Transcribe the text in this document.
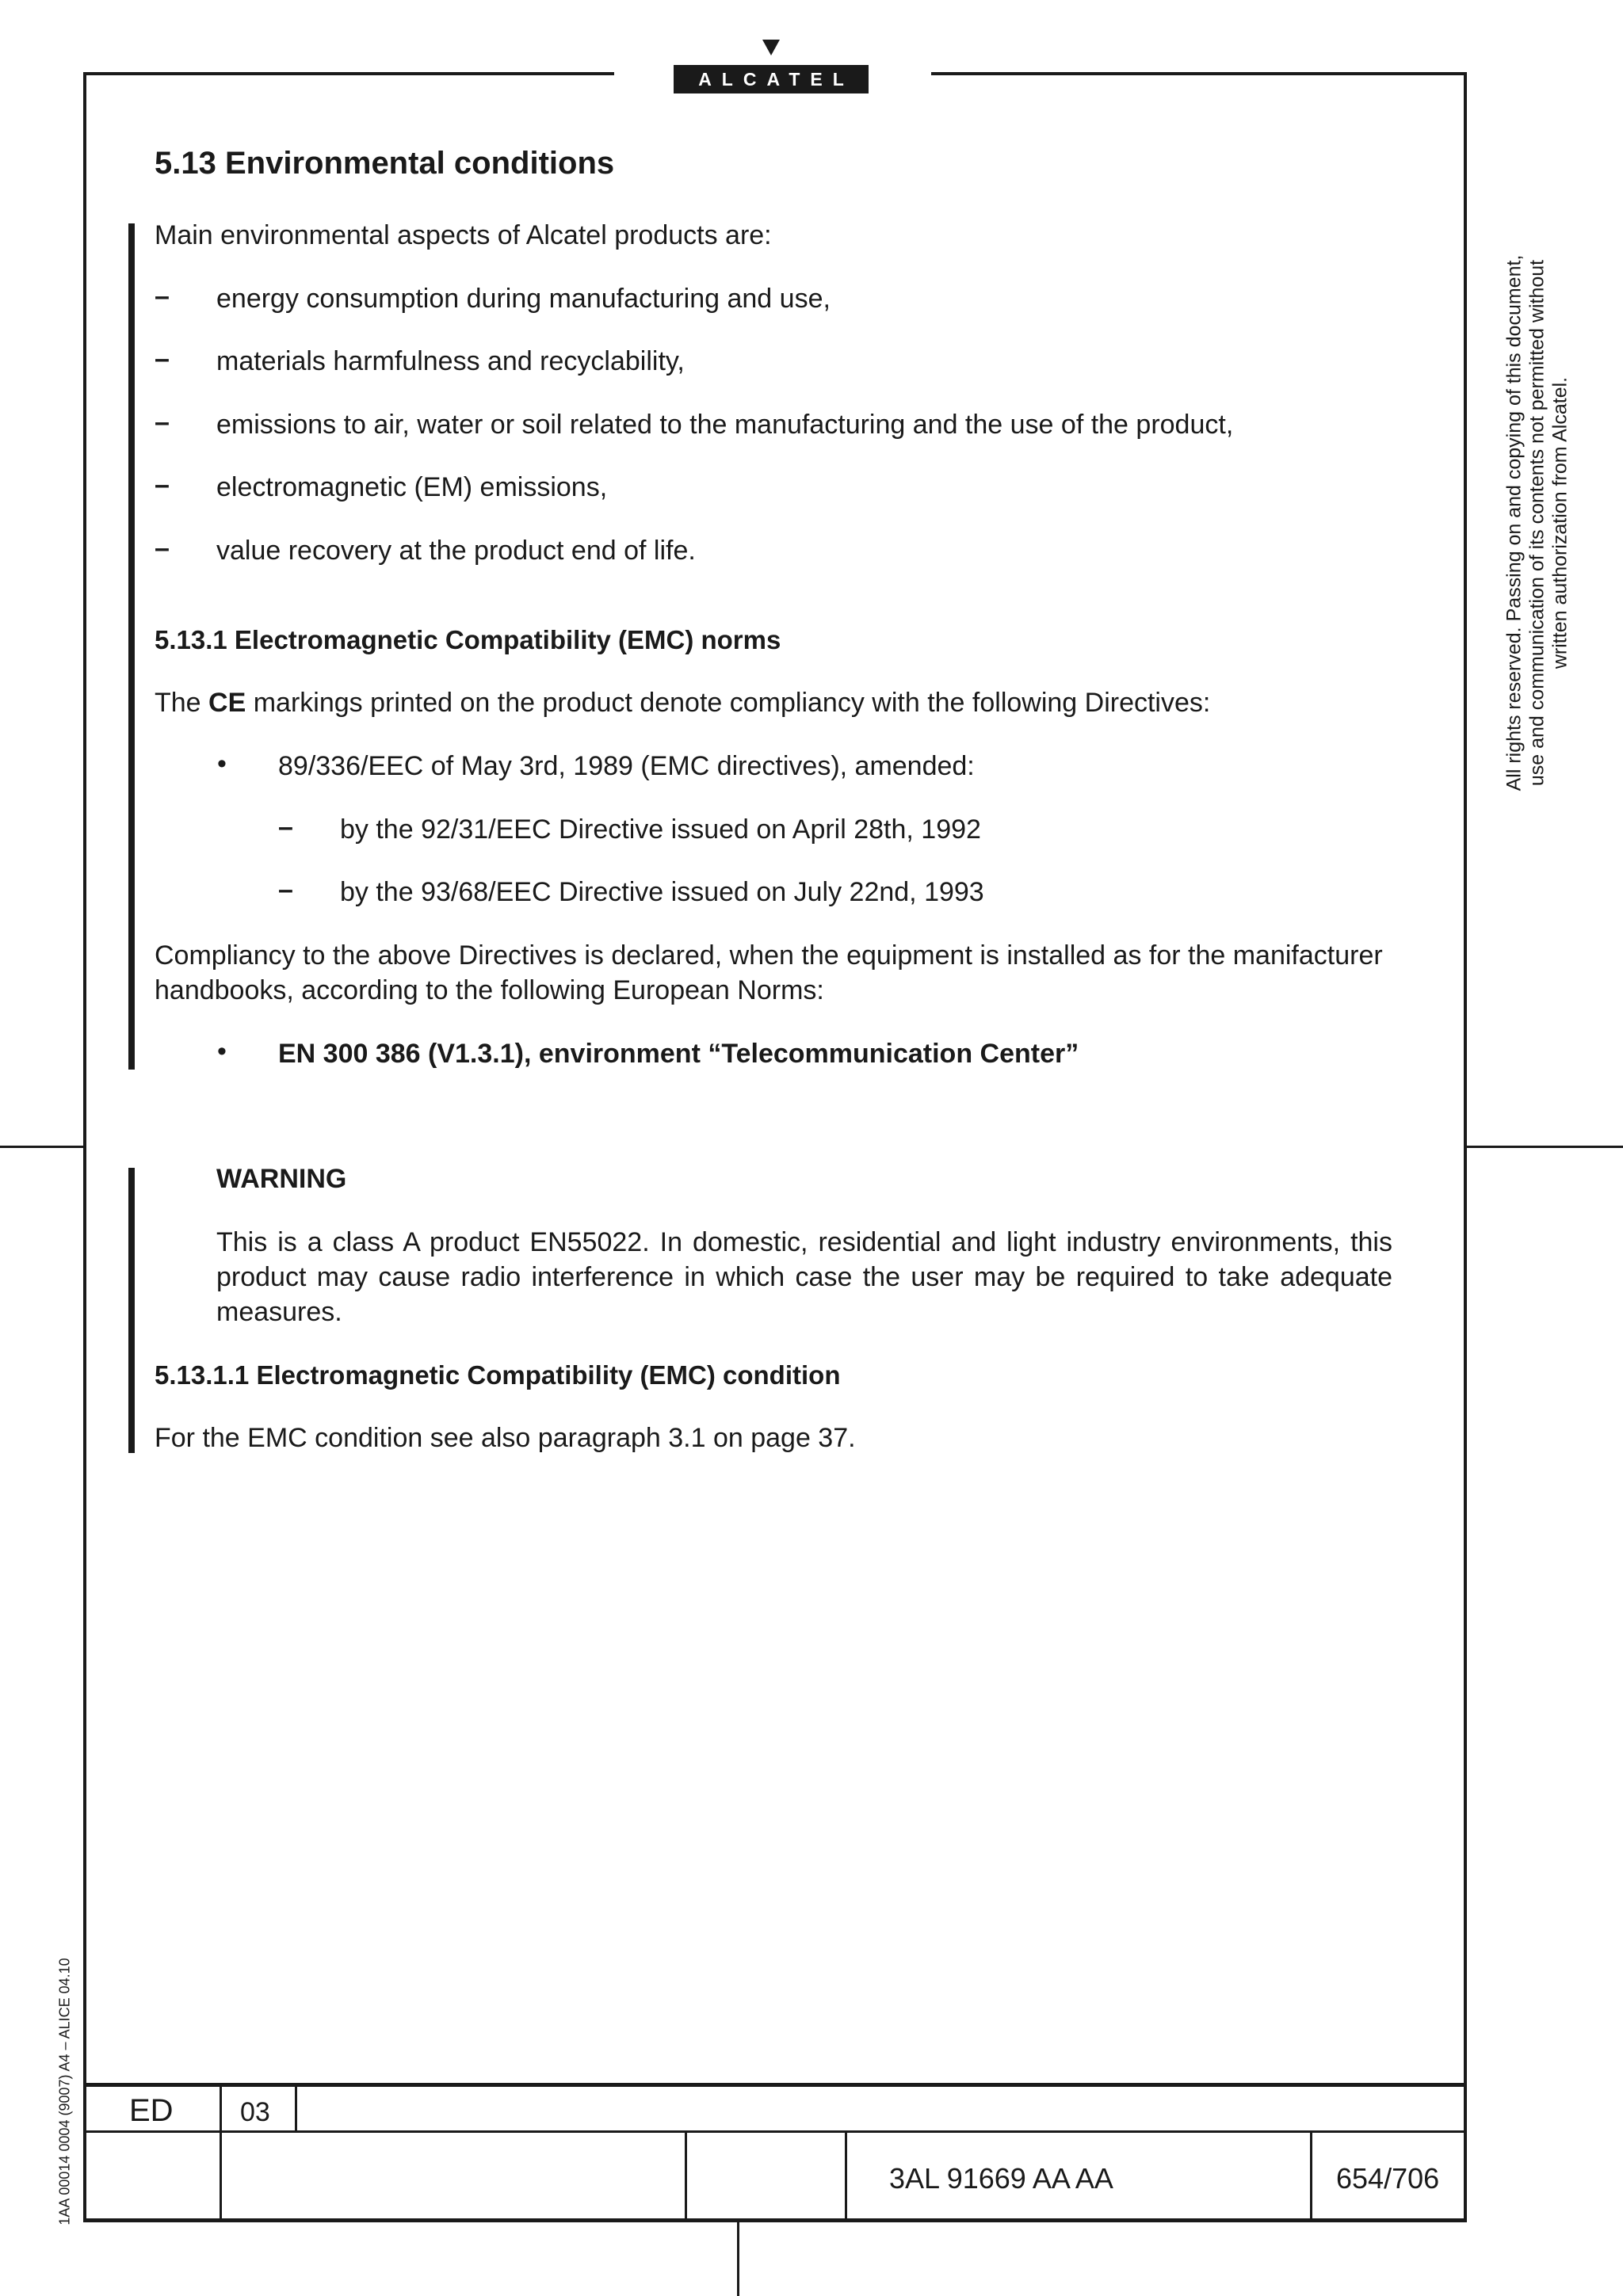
ALCATEL
5.13 Environmental conditions
Main environmental aspects of Alcatel products are:
– energy consumption during manufacturing and use,
– materials harmfulness and recyclability,
– emissions to air, water or soil related to the manufacturing and the use of the product,
– electromagnetic (EM) emissions,
– value recovery at the product end of life.
5.13.1 Electromagnetic Compatibility (EMC) norms
The CE markings printed on the product denote compliancy with the following Directives:
• 89/336/EEC of May 3rd, 1989 (EMC directives), amended:
– by the 92/31/EEC Directive issued on April 28th, 1992
– by the 93/68/EEC Directive issued on July 22nd, 1993
Compliancy to the above Directives is declared, when the equipment is installed as for the manifacturer handbooks, according to the following European Norms:
• EN 300 386 (V1.3.1), environment “Telecommunication Center”
WARNING
This is a class A product EN55022. In domestic, residential and light industry environments, this product may cause radio interference in which case the user may be required to take adequate measures.
5.13.1.1 Electromagnetic Compatibility (EMC) condition
For the EMC condition see also paragraph 3.1 on page 37.
All rights reserved. Passing on and copying of this document, use and communication of its contents not permitted without written authorization from Alcatel.
1AA 00014 0004 (9007) A4 – ALICE 04.10 ED 03
3AL 91669 AA AA	654/706
